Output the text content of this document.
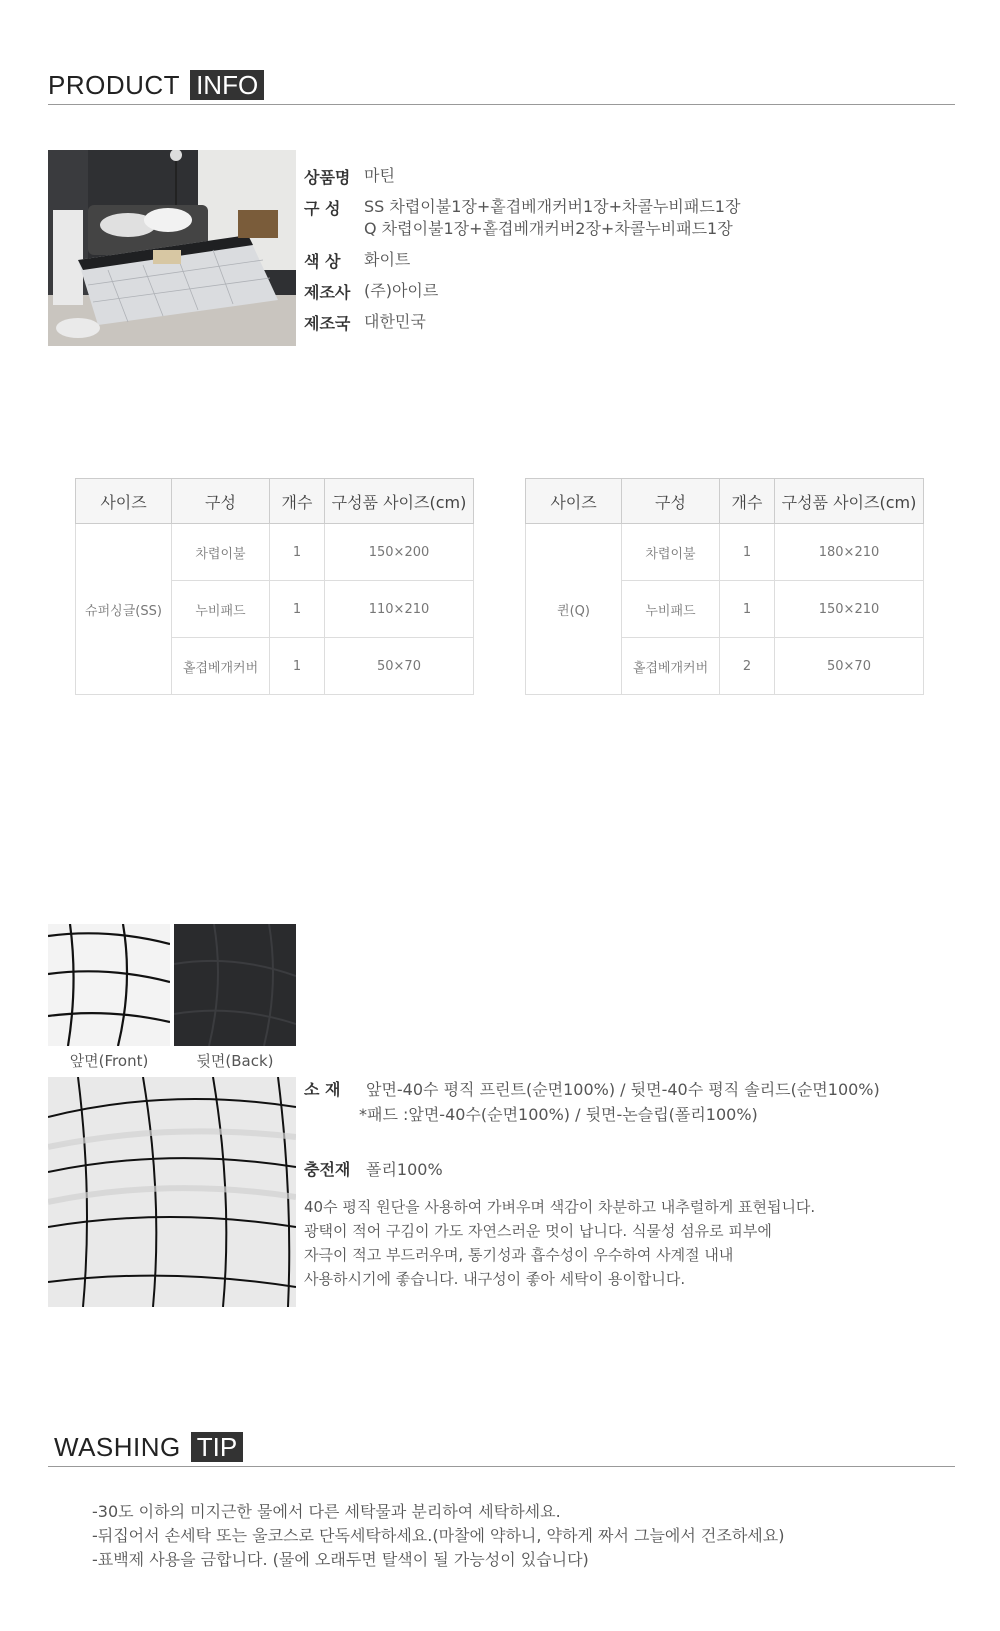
PRODUCT INFO
상품명 마틴
구 성	SS 차렵이불1장+홑겹베개커버1장+차콜누비패드1장
Q 차렵이불1장+홑겹베개커버2장+차콜누비패드1장
색 상	화이트
제조사 (주)아이르
제조국 대한민국
사이즈	구성	개수	구성품 사이즈(cm)
슈퍼싱글(SS)	차렵이불	1	150×200
	누비패드	1	110×210
	홑겹베개커버	1	50×70
사이즈	구성	개수	구성품 사이즈(cm)
퀸(Q)	차렵이불	1	180×210
	누비패드	1	150×210
	홑겹베개커버	2	50×70
앞면(Front)	뒷면(Back)
소 재 앞면-40수 평직 프린트(순면100%) / 뒷면-40수 평직 솔리드(순면100%)
*패드 :앞면-40수(순면100%) / 뒷면-논슬립(폴리100%)
충전재 폴리100%
40수 평직 원단을 사용하여 가벼우며 색감이 차분하고 내추럴하게 표현됩니다.
광택이 적어 구김이 가도 자연스러운 멋이 납니다. 식물성 섬유로 피부에
자극이 적고 부드러우며, 통기성과 흡수성이 우수하여 사계절 내내
사용하시기에 좋습니다. 내구성이 좋아 세탁이 용이합니다.
WASHING TIP
-30도 이하의 미지근한 물에서 다른 세탁물과 분리하여 세탁하세요.
-뒤집어서 손세탁 또는 울코스로 단독세탁하세요.(마찰에 약하니, 약하게 짜서 그늘에서 건조하세요)
-표백제 사용을 금합니다. (물에 오래두면 탈색이 될 가능성이 있습니다)
